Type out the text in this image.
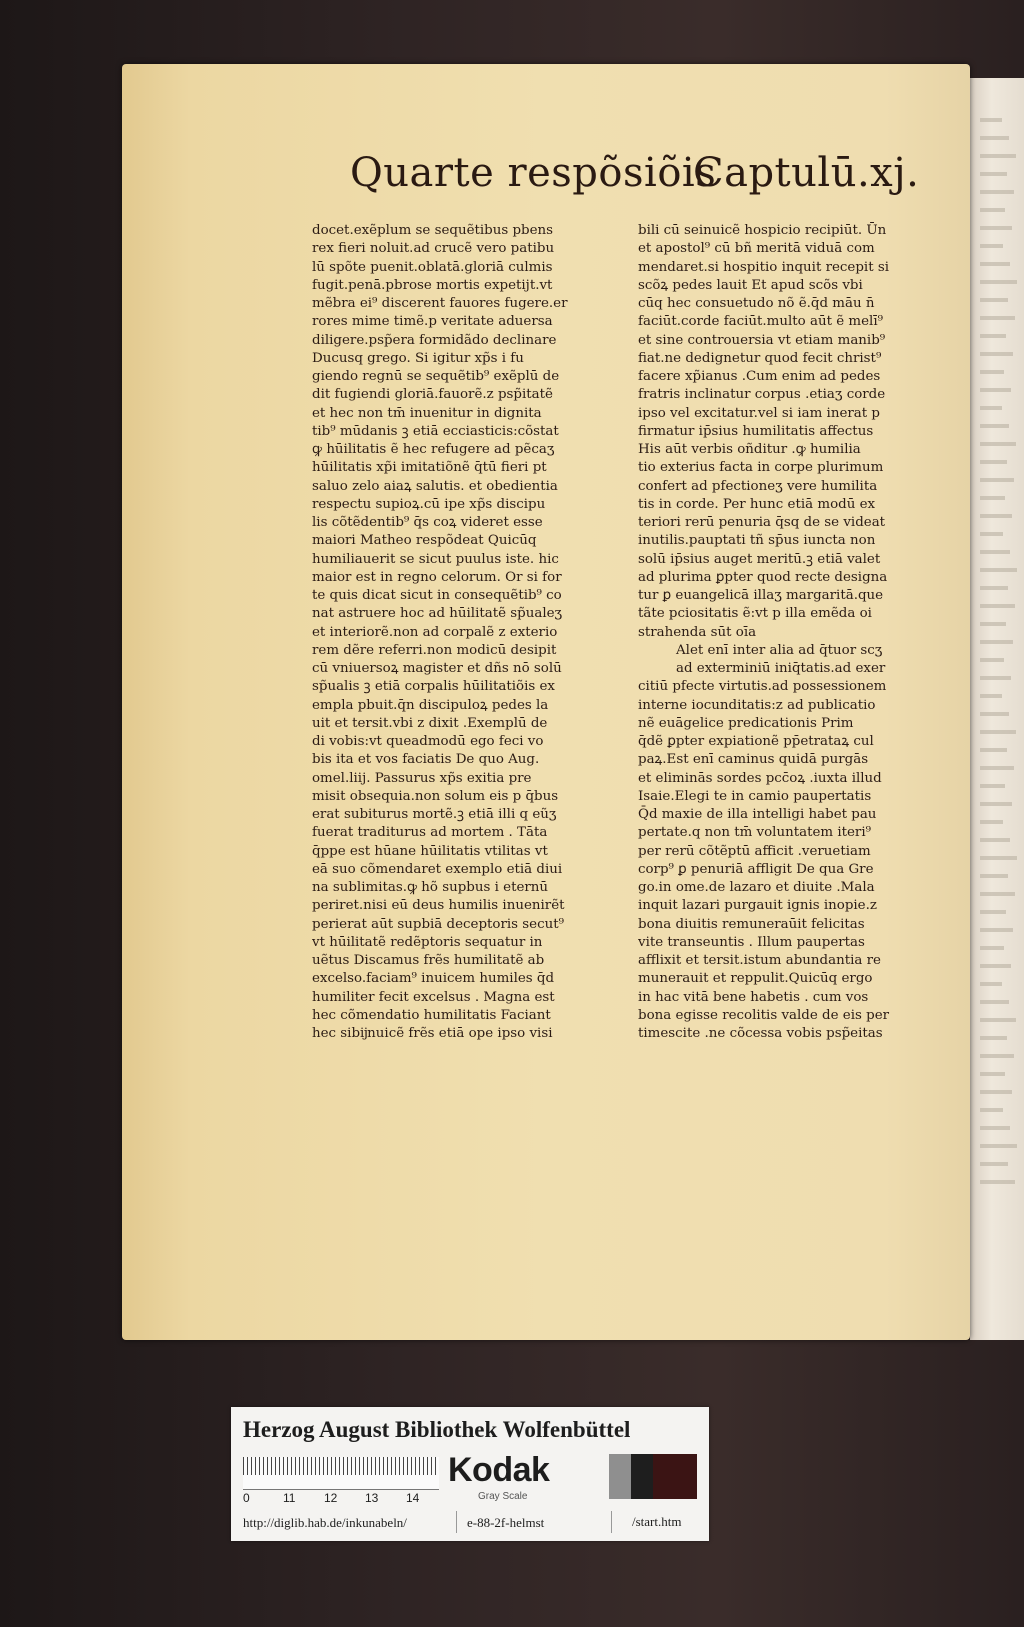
Quarte respõsiõis
Captulū.xj.
docet.exẽplum se sequẽtibus pbens
rex fieri noluit.ad crucẽ vero patibu
lū spõte puenit.oblatā.gloriā culmis
fugit.penā.pbrose mortis expetijt.vt
mẽbra ei⁹ discerent fauores fugere.er
rores mime timẽ.p veritate aduersa
diligere.psp̃era formidãdo declinare
Ducusq grego. Si igitur xp̃s i fu
giendo regnū se sequẽtib⁹ exẽplū de
dit fugiendi gloriā.fauorẽ.z psp̃itatẽ
et hec non tm̄ inuenitur in dignita
tib⁹ mūdanis ꝫ etiā ecciasticis:cõstat
ꝙ hūilitatis ẽ hec refugere ad pẽcaʒ
hūilitatis xp̃i imitatiõnẽ q̄tū fieri pt
saluo zelo aiaꝝ salutis. et obedientia
respectu supioꝝ.cū ipe xp̃s discipu
lis cõtẽdentib⁹ q̄s coꝝ videret esse
maiori Matheo respõdeat Quicūq
humiliauerit se sicut puulus iste. hic
maior est in regno celorum. Or si for
te quis dicat sicut in consequẽtib⁹ co
nat astruere hoc ad hūilitatẽ sp̃ualeʒ
et interiorẽ.non ad corpalẽ z exterio
rem dẽre referri.non modicū desipit
cū vniuersoꝝ magister et dñs nō solū
sp̃ualis ꝫ etiā corpalis hūilitatiõis ex
empla pbuit.q̄n discipuloꝝ pedes la
uit et tersit.vbi z dixit .Exemplū de
di vobis:vt queadmodū ego feci vo
bis ita et vos faciatis De quo Aug.
omel.liij. Passurus xp̃s exitia pre
misit obsequia.non solum eis p q̄bus
erat subiturus mortẽ.ꝫ etiā illi q eũʒ
fuerat traditurus ad mortem . Tāta
q̄ppe est hūane hūilitatis vtilitas vt
eā suo cõmendaret exemplo etiā diui
na sublimitas.ꝙ hõ supbus i eternū
periret.nisi eū deus humilis inuenirẽt
perierat aūt supbiā deceptoris secut⁹
vt hūilitatẽ redẽptoris sequatur in
uẽtus Discamus frẽs humilitatẽ ab
excelso.faciam⁹ inuicem humiles q̄d
humiliter fecit excelsus . Magna est
hec cõmendatio humilitatis Faciant
hec sibĳnuicẽ frẽs etiā ope ipso visi
bili cū seinuicẽ hospicio recipiūt. Ūn
et apostol⁹ cū bñ meritā viduā com
mendaret.si hospitio inquit recepit si
scõꝝ pedes lauit Et apud scõs vbi
cūq hec consuetudo nõ ẽ.q̄d māu n̄
faciūt.corde faciūt.multo aūt ẽ melī⁹
et sine controuersia vt etiam manib⁹
fiat.ne dedignetur quod fecit christ⁹
facere xp̃ianus .Cum enim ad pedes
fratris inclinatur corpus .etiaʒ corde
ipso vel excitatur.vel si iam inerat p
firmatur ip̄sius humilitatis affectus
His aūt verbis oñditur .ꝙ humilia
tio exterius facta in corpe plurimum
confert ad pfectioneʒ vere humilita
tis in corde. Per hunc etiā modū ex
teriori rerū penuria q̄sq de se videat
inutilis.pauptati tñ sp̄us iuncta non
solū ip̄sius auget meritū.ꝫ etiā valet
ad plurima ꝑpter quod recte designa
tur ꝑ euangelicā illaʒ margaritā.que
tãte pciositatis ẽ:vt p illa emẽda oi
strahenda sūt oīa
Alet enī inter alia ad q̄tuor scʒ
ad exterminiū iniq̄tatis.ad exer
citiū pfecte virtutis.ad possessionem
interne iocunditatis:z ad publicatio
nẽ euāgelice predicationis Prim
q̄dẽ ꝑpter expiationẽ pp̄etrataꝝ cul
paꝝ.Est enī caminus quidā purgās
et eliminās sordes pcc̄oꝝ .iuxta illud
Isaie.Elegi te in camio paupertatis
Q̄d maxie de illa intelligi habet pau
pertate.q non tm̄ voluntatem iteri⁹
per rerū cõtẽptū afficit .veruetiam
corp⁹ ꝑ penuriā affligit De qua Gre
go.in ome.de lazaro et diuite .Mala
inquit lazari purgauit ignis inopie.z
bona diuitis remuneraūit felicitas
vite transeuntis . Illum paupertas
afflixit et tersit.istum abundantia re
munerauit et reppulit.Quicūq ergo
in hac vitā bene habetis . cum vos
bona egisse recolitis valde de eis per
timescite .ne cõcessa vobis psp̃eitas
Herzog August Bibliothek Wolfenbüttel
0	11 12 13 14
Kodak
Gray Scale
http://diglib.hab.de/inkunabeln/	e-88-2f-helmst	/start.htm
